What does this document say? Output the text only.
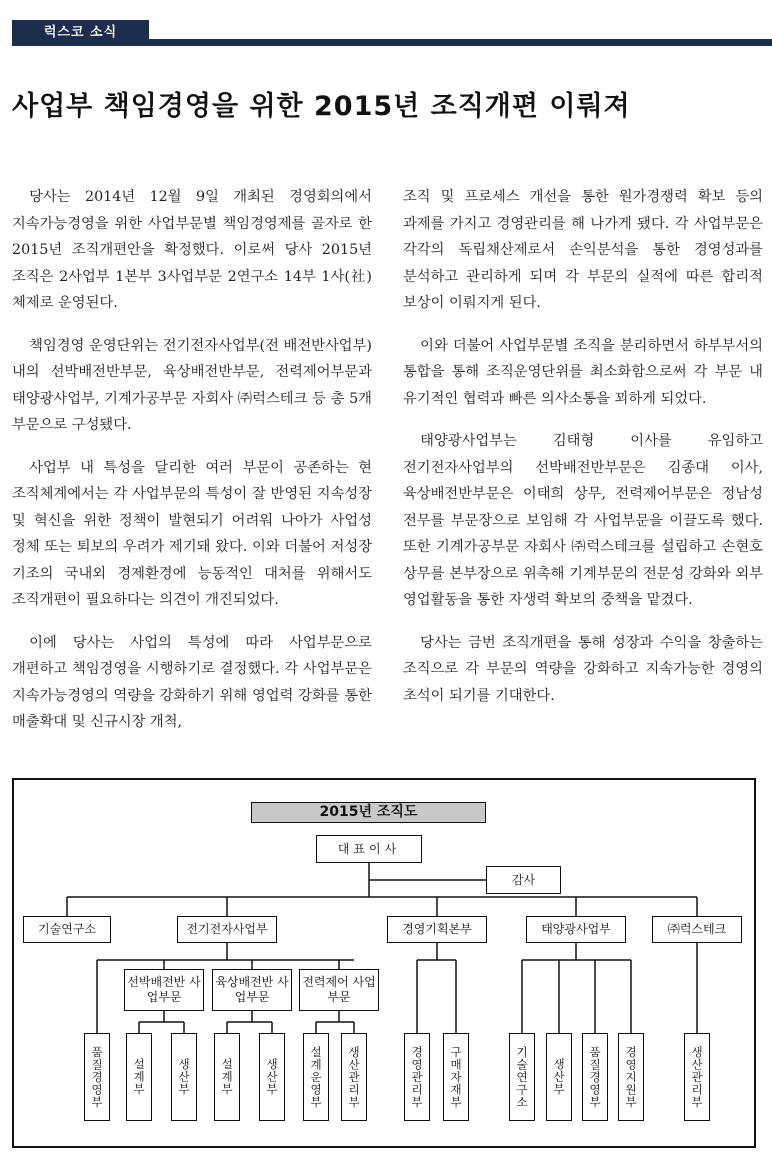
럭스코 소식
사업부 책임경영을 위한 2015년 조직개편 이뤄져

당사는 2014년 12월 9일 개최된 경영회의에서 지속가능경영을 위한 사업부문별 책임경영제를 골자로 한 2015년 조직개편안을 확정했다. 이로써 당사 2015년 조직은 2사업부 1본부 3사업부문 2연구소 14부 1사(社) 체제로 운영된다.

책임경영 운영단위는 전기전자사업부(전 배전반사업부) 내의 선박배전반부문, 육상배전반부문, 전력제어부문과 태양광사업부, 기계가공부문 자회사 ㈜럭스테크 등 총 5개 부문으로 구성됐다.

사업부 내 특성을 달리한 여러 부문이 공존하는 현 조직체계에서는 각 사업부문의 특성이 잘 반영된 지속성장 및 혁신을 위한 정책이 발현되기 어려워 나아가 사업성 정체 또는 퇴보의 우려가 제기돼 왔다. 이와 더불어 저성장 기조의 국내외 경제환경에 능동적인 대처를 위해서도 조직개편이 필요하다는 의견이 개진되었다.

이에 당사는 사업의 특성에 따라 사업부문으로 개편하고 책임경영을 시행하기로 결정했다. 각 사업부문은 지속가능경영의 역량을 강화하기 위해 영업력 강화를 통한 매출확대 및 신규시장 개척,

조직 및 프로세스 개선을 통한 원가경쟁력 확보 등의 과제를 가지고 경영관리를 해 나가게 됐다. 각 사업부문은 각각의 독립채산제로서 손익분석을 통한 경영성과를 분석하고 관리하게 되며 각 부문의 실적에 따른 합리적 보상이 이뤄지게 된다.

이와 더불어 사업부문별 조직을 분리하면서 하부부서의 통합을 통해 조직운영단위를 최소화함으로써 각 부문 내 유기적인 협력과 빠른 의사소통을 꾀하게 되었다.

태양광사업부는 김태형 이사를 유임하고 전기전자사업부의 선박배전반부문은 김종대 이사, 육상배전반부문은 이태희 상무, 전력제어부문은 정남성 전무를 부문장으로 보임해 각 사업부문을 이끌도록 했다. 또한 기계가공부문 자회사 ㈜럭스테크를 설립하고 손현호 상무를 본부장으로 위촉해 기계부문의 전문성 강화와 외부 영업활동을 통한 자생력 확보의 중책을 맡겼다.

당사는 금번 조직개편을 통해 성장과 수익을 창출하는 조직으로 각 부문의 역량을 강화하고 지속가능한 경영의 초석이 되기를 기대한다.

2015년 조직도
대표이사
감사
기술연구소	전기전자사업부	경영기획본부	태양광사업부	㈜럭스테크
선박배전반 사업부문
육상배전반 사업부문
전력제어 사업부문
품질경영부	설계부	생산부	설계부	생산부	설계운영부	생산관리부	경영관리부	구매자재부	기술연구소	생산부	품질경영부	경영지원부	생산관리부
